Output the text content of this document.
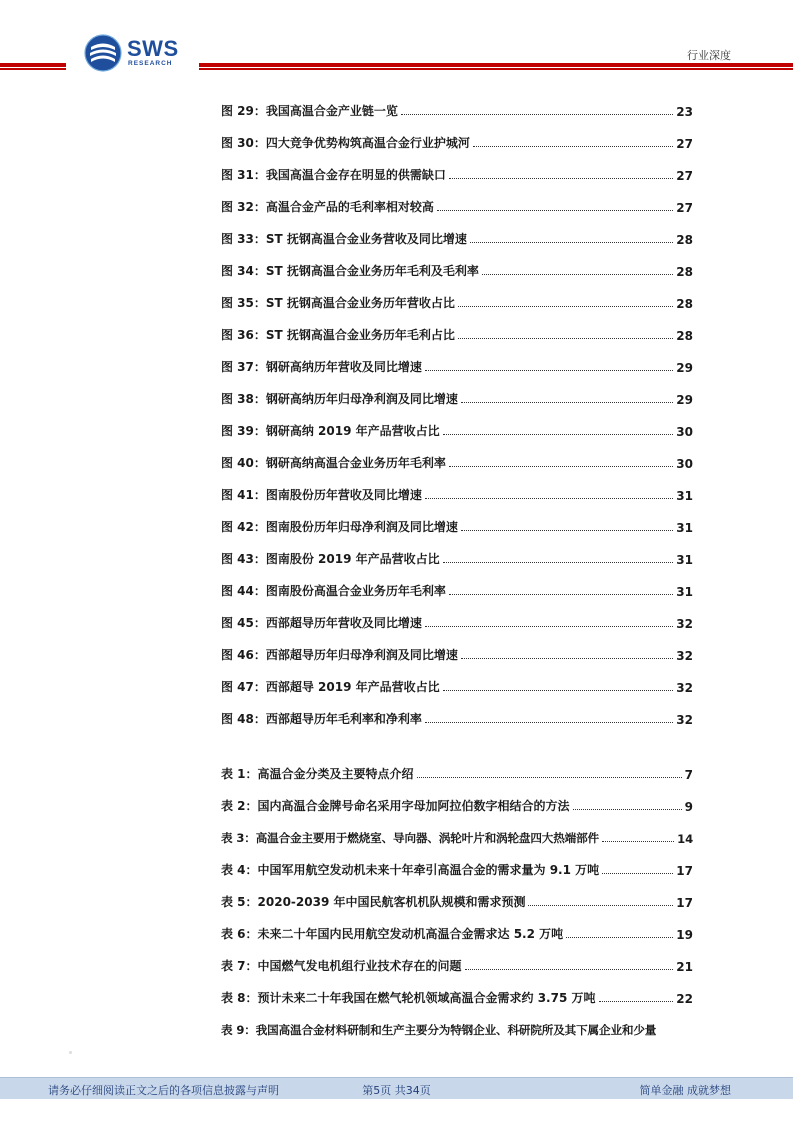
SWS
RESEARCH
行业深度
图 29：我国高温合金产业链一览	23
图 30：四大竞争优势构筑高温合金行业护城河	27
图 31：我国高温合金存在明显的供需缺口	27
图 32：高温合金产品的毛利率相对较高	27
图 33：ST 抚钢高温合金业务营收及同比增速	28
图 34：ST 抚钢高温合金业务历年毛利及毛利率	28
图 35：ST 抚钢高温合金业务历年营收占比	28
图 36：ST 抚钢高温合金业务历年毛利占比	28
图 37：钢研高纳历年营收及同比增速	29
图 38：钢研高纳历年归母净利润及同比增速	29
图 39：钢研高纳 2019 年产品营收占比	30
图 40：钢研高纳高温合金业务历年毛利率	30
图 41：图南股份历年营收及同比增速	31
图 42：图南股份历年归母净利润及同比增速	31
图 43：图南股份 2019 年产品营收占比	31
图 44：图南股份高温合金业务历年毛利率	31
图 45：西部超导历年营收及同比增速	32
图 46：西部超导历年归母净利润及同比增速	32
图 47：西部超导 2019 年产品营收占比	32
图 48：西部超导历年毛利率和净利率	32
表 1：高温合金分类及主要特点介绍	7
表 2：国内高温合金牌号命名采用字母加阿拉伯数字相结合的方法	9
表 3：高温合金主要用于燃烧室、导向器、涡轮叶片和涡轮盘四大热端部件	14
表 4：中国军用航空发动机未来十年牵引高温合金的需求量为 9.1 万吨	17
表 5：2020-2039 年中国民航客机机队规模和需求预测	17
表 6：未来二十年国内民用航空发动机高温合金需求达 5.2 万吨	19
表 7：中国燃气发电机组行业技术存在的问题	21
表 8：预计未来二十年我国在燃气轮机领域高温合金需求约 3.75 万吨	22
表 9：我国高温合金材料研制和生产主要分为特钢企业、科研院所及其下属企业和少量
请务必仔细阅读正文之后的各项信息披露与声明	第5页 共34页	简单金融 成就梦想
